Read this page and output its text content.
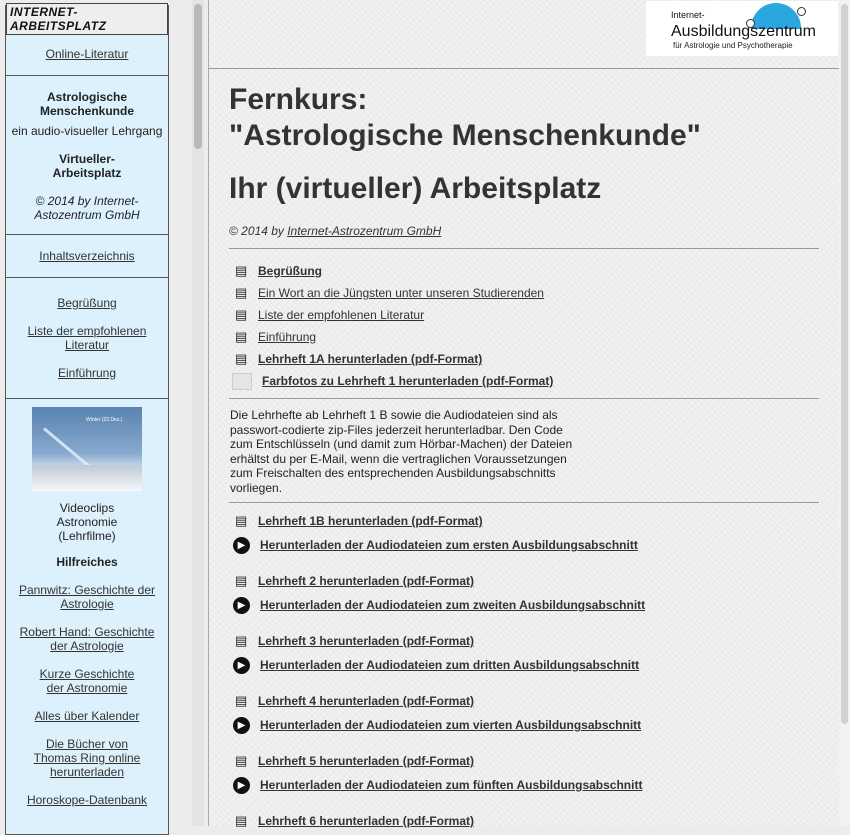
INTERNET-ARBEITSPLATZ
Online-Literatur

Astrologische Menschenkunde

ein audio-visueller Lehrgang

Virtueller-Arbeitsplatz

© 2014 by Internet-Astozentrum GmbH

Inhaltsverzeichnis

Begrüßung

Liste der empfohlenen Literatur

Einführung

Winter (22.Dez.)

Videoclips Astronomie (Lehrfilme)

Hilfreiches

Pannwitz: Geschichte der Astrologie
Robert Hand: Geschichte der Astrologie
Kurze Geschichte der Astronomie
Alles über Kalender
Die Bücher von Thomas Ring online herunterladen
Horoskope-Datenbank
Internet-
Ausbildungszentrum
für Astrologie und Psychotherapie
Fernkurs:
"Astrologische Menschenkunde"
Ihr (virtueller) Arbeitsplatz
© 2014 by Internet-Astrozentrum GmbH
▤ Begrüßung
▤ Ein Wort an die Jüngsten unter unseren Studierenden
▤ Liste der empfohlenen Literatur
▤ Einführung
▤ Lehrheft 1A herunterladen (pdf-Format)
Farbfotos zu Lehrheft 1 herunterladen (pdf-Format)

Die Lehrhefte ab Lehrheft 1 B sowie die Audiodateien sind als passwort-codierte zip-Files jederzeit herunterladbar. Den Code zum Entschlüsseln (und damit zum Hörbar-Machen) der Dateien erhältst du per E-Mail, wenn die vertraglichen Voraussetzungen zum Freischalten des entsprechenden Ausbildungsabschnitts vorliegen.

▤ Lehrheft 1B herunterladen (pdf-Format)
▶	Herunterladen der Audiodateien zum ersten Ausbildungsabschnitt
▤ Lehrheft 2 herunterladen (pdf-Format)
▶	Herunterladen der Audiodateien zum zweiten Ausbildungsabschnitt
▤ Lehrheft 3 herunterladen (pdf-Format)
▶	Herunterladen der Audiodateien zum dritten Ausbildungsabschnitt
▤ Lehrheft 4 herunterladen (pdf-Format)
▶	Herunterladen der Audiodateien zum vierten Ausbildungsabschnitt
▤ Lehrheft 5 herunterladen (pdf-Format)
▶	Herunterladen der Audiodateien zum fünften Ausbildungsabschnitt
▤ Lehrheft 6 herunterladen (pdf-Format)
